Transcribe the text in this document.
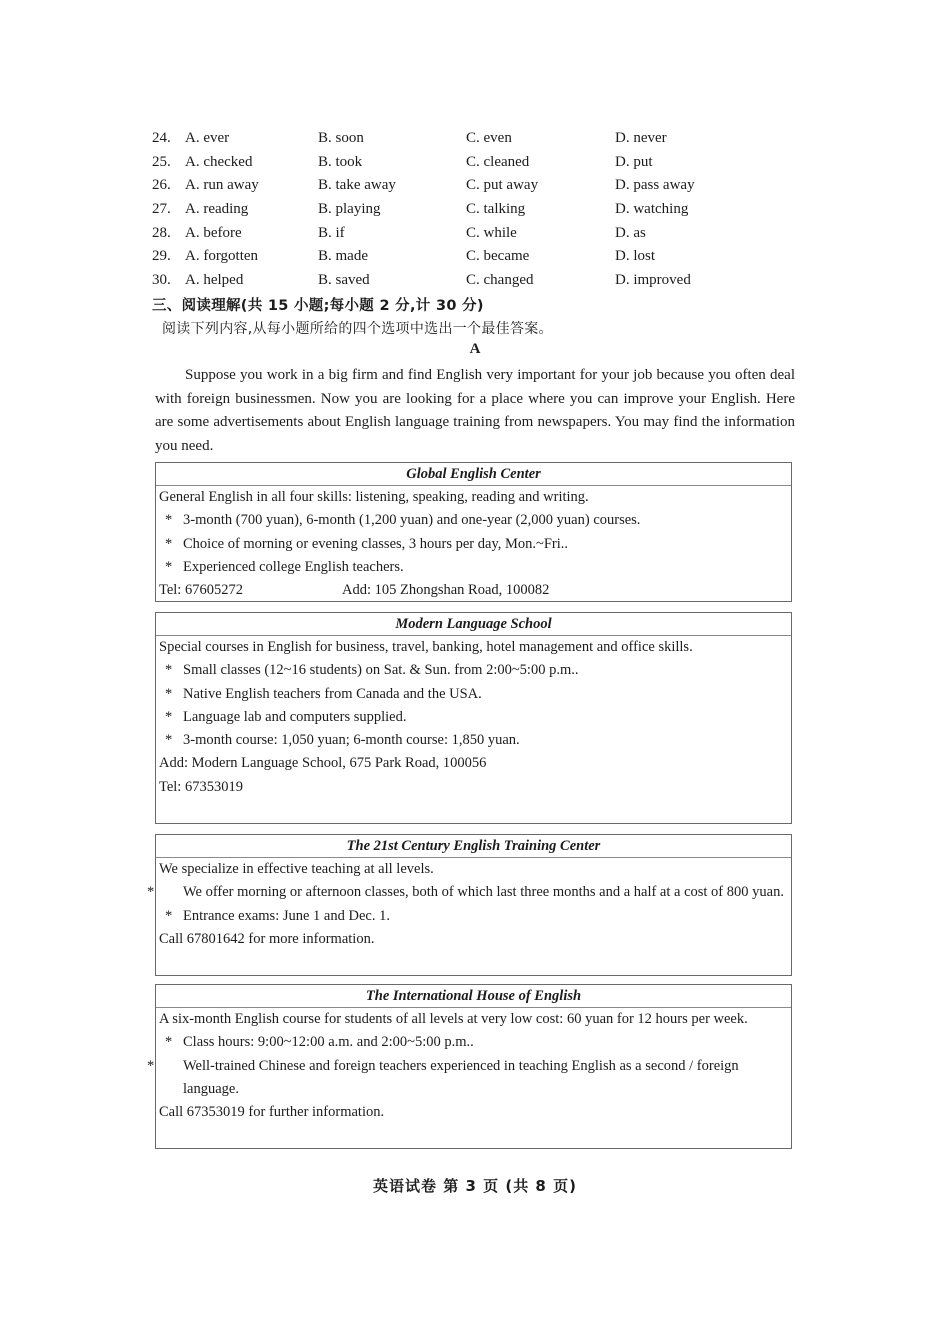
24. A. ever	B. soon	C. even	D. never
25. A. checked	B. took	C. cleaned	D. put
26. A. run away	B. take away	C. put away	D. pass away
27. A. reading	B. playing	C. talking	D. watching
28. A. before	B. if	C. while	D. as
29. A. forgotten	B. made	C. became	D. lost
30. A. helped	B. saved	C. changed	D. improved
三、阅读理解(共 15 小题;每小题 2 分,计 30 分)
阅读下列内容,从每小题所给的四个选项中选出一个最佳答案。
A
Suppose you work in a big firm and find English very important for your job because you often deal with foreign businessmen. Now you are looking for a place where you can improve your English. Here are some advertisements about English language training from newspapers. You may find the information you need.
Global English Center
General English in all four skills: listening, speaking, reading and writing.
* 3-month (700 yuan), 6-month (1,200 yuan) and one-year (2,000 yuan) courses.
* Choice of morning or evening classes, 3 hours per day, Mon.~Fri..
* Experienced college English teachers.
Tel: 67605272	Add: 105 Zhongshan Road, 100082
Modern Language School
Special courses in English for business, travel, banking, hotel management and office skills.
* Small classes (12~16 students) on Sat. & Sun. from 2:00~5:00 p.m..
* Native English teachers from Canada and the USA.
* Language lab and computers supplied.
* 3-month course: 1,050 yuan; 6-month course: 1,850 yuan.
Add: Modern Language School, 675 Park Road, 100056
Tel: 67353019
The 21st Century English Training Center
We specialize in effective teaching at all levels.
* We offer morning or afternoon classes, both of which last three months and a half at a cost of 800 yuan.
* Entrance exams: June 1 and Dec. 1.
Call 67801642 for more information.
The International House of English
A six-month English course for students of all levels at very low cost: 60 yuan for 12 hours per week.
* Class hours: 9:00~12:00 a.m. and 2:00~5:00 p.m..
* Well-trained Chinese and foreign teachers experienced in teaching English as a second / foreign language.
Call 67353019 for further information.
英语试卷 第 3 页 (共 8 页)
